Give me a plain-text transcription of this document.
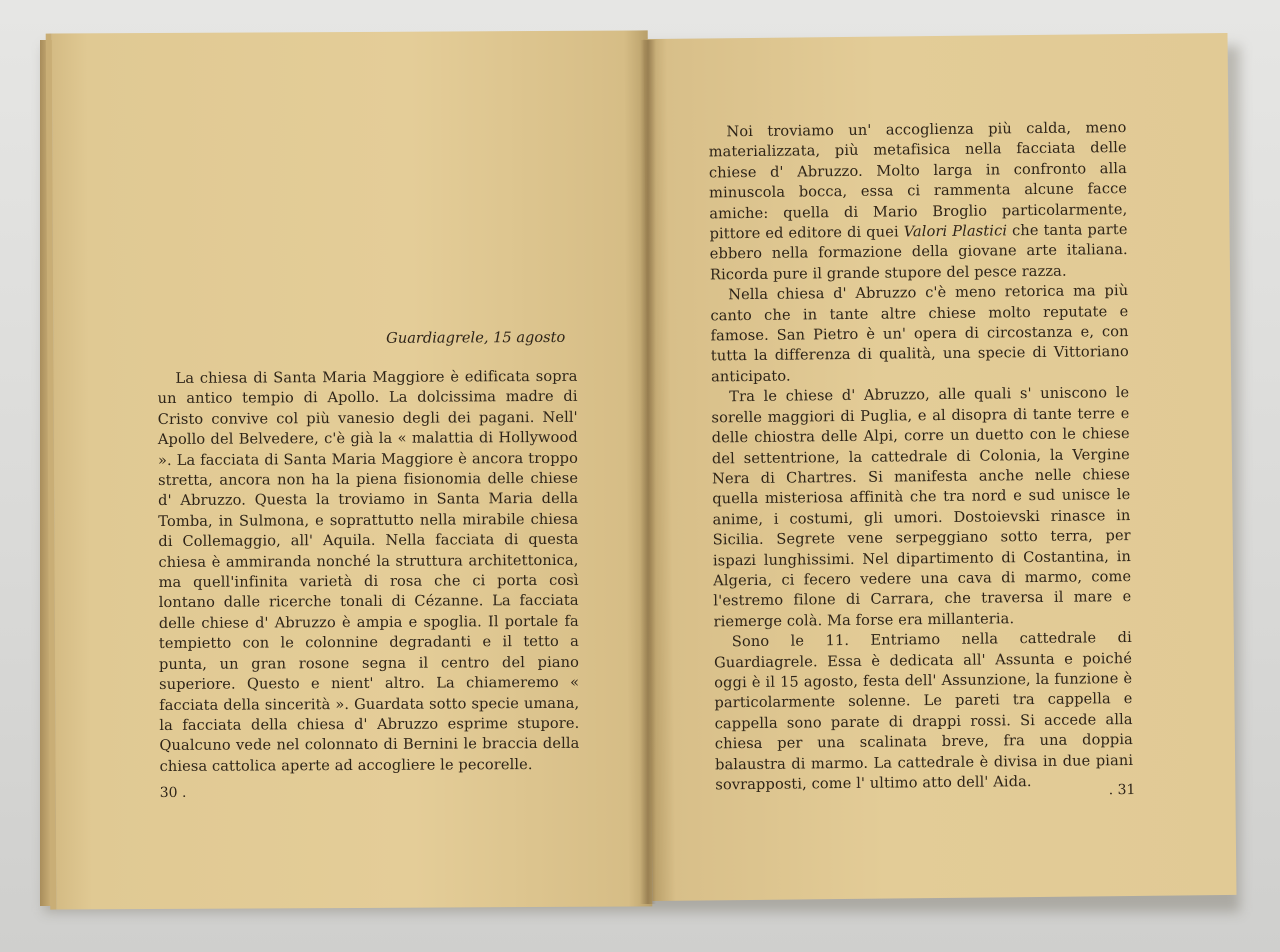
Guardiagrele, 15 agosto

La chiesa di Santa Maria Maggiore è edificata sopra un antico tempio di Apollo. La dolcissima madre di Cristo convive col più vanesio degli dei pagani. Nell' Apollo del Belvedere, c'è già la « malattia di Hollywood ». La facciata di Santa Maria Maggiore è ancora troppo stretta, ancora non ha la piena fisionomia delle chiese d' Abruzzo. Questa la troviamo in Santa Maria della Tomba, in Sulmona, e soprattutto nella mirabile chiesa di Collemaggio, all' Aquila. Nella facciata di questa chiesa è ammiranda nonché la struttura architettonica, ma quell'infinita varietà di rosa che ci porta così lontano dalle ricerche tonali di Cézanne. La facciata delle chiese d' Abruzzo è ampia e spoglia. Il portale fa tempietto con le colonnine degradanti e il tetto a punta, un gran rosone segna il centro del piano superiore. Questo e nient' altro. La chiameremo « facciata della sincerità ». Guardata sotto specie umana, la facciata della chiesa d' Abruzzo esprime stupore. Qualcuno vede nel colonnato di Bernini le braccia della chiesa cattolica aperte ad accogliere le pecorelle.

30 .

Noi troviamo un' accoglienza più calda, meno materializzata, più metafisica nella facciata delle chiese d' Abruzzo. Molto larga in confronto alla minuscola bocca, essa ci rammenta alcune facce amiche: quella di Mario Broglio particolarmente, pittore ed editore di quei Valori Plastici che tanta parte ebbero nella formazione della giovane arte italiana. Ricorda pure il grande stupore del pesce razza.

Nella chiesa d' Abruzzo c'è meno retorica ma più canto che in tante altre chiese molto reputate e famose. San Pietro è un' opera di circostanza e, con tutta la differenza di qualità, una specie di Vittoriano anticipato.

Tra le chiese d' Abruzzo, alle quali s' uniscono le sorelle maggiori di Puglia, e al disopra di tante terre e delle chiostra delle Alpi, corre un duetto con le chiese del settentrione, la cattedrale di Colonia, la Vergine Nera di Chartres. Si manifesta anche nelle chiese quella misteriosa affinità che tra nord e sud unisce le anime, i costumi, gli umori. Dostoievski rinasce in Sicilia. Segrete vene serpeggiano sotto terra, per ispazi lunghissimi. Nel dipartimento di Costantina, in Algeria, ci fecero vedere una cava di marmo, come l'estremo filone di Carrara, che traversa il mare e riemerge colà. Ma forse era millanteria.

Sono le 11. Entriamo nella cattedrale di Guardiagrele. Essa è dedicata all' Assunta e poiché oggi è il 15 agosto, festa dell' Assunzione, la funzione è particolarmente solenne. Le pareti tra cappella e cappella sono parate di drappi rossi. Si accede alla chiesa per una scalinata breve, fra una doppia balaustra di marmo. La cattedrale è divisa in due piani sovrapposti, come l' ultimo atto dell' Aida.	. 31
